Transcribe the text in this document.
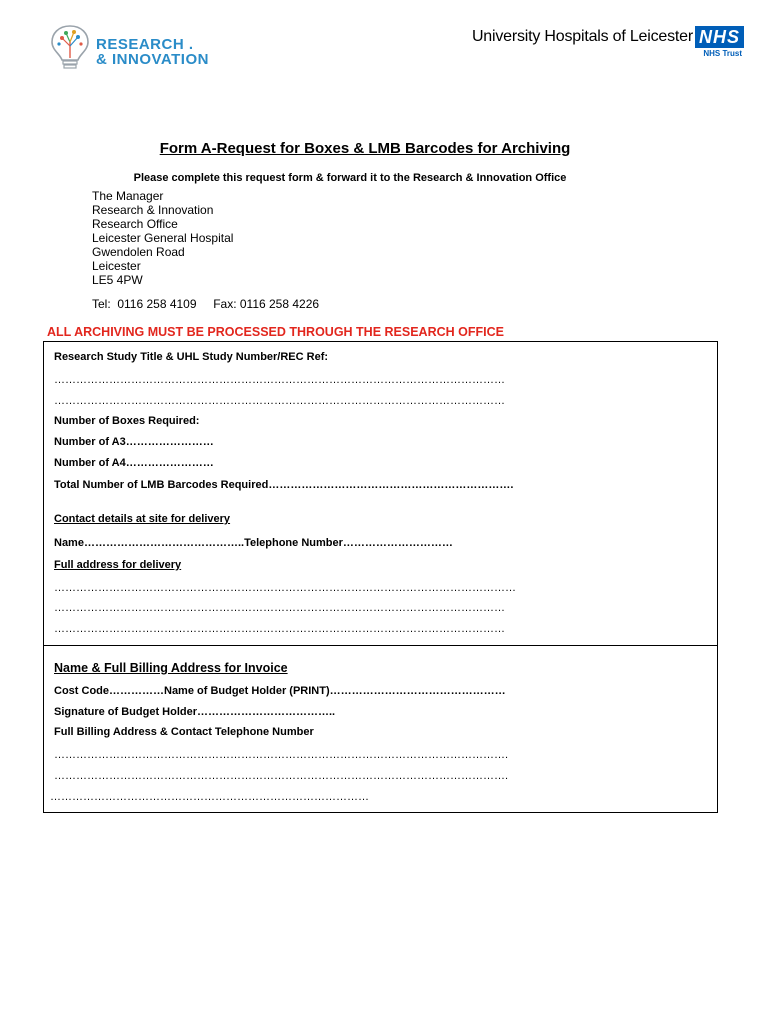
RESEARCH .
& INNOVATION
University Hospitals of Leicester NHS
NHS Trust
Form A-Request for Boxes & LMB Barcodes for Archiving
Please complete this request form & forward it to the Research & Innovation Office
The Manager
Research & Innovation
Research Office
Leicester General Hospital
Gwendolen Road
Leicester
LE5 4PW
Tel:  0116 258 4109     Fax: 0116 258 4226
ALL ARCHIVING MUST BE PROCESSED THROUGH THE RESEARCH OFFICE
Research Study Title & UHL Study Number/REC Ref:
……………………………………………………………………………………………………………
……………………………………………………………………………………………………………
Number of Boxes Required:
Number of A3……………………
Number of A4……………………
Total Number of LMB Barcodes Required………………………………………………………….
Contact details at site for delivery
Name……………………………………..Telephone Number…………………………
Full address for delivery
………………………………………………………………………………………………………………
……………………………………………………………………………………………………………
……………………………………………………………………………………………………………
Name & Full Billing Address for Invoice
Cost Code……………Name of Budget Holder (PRINT)…………………………………………
Signature of Budget Holder………………………………..
Full Billing Address & Contact Telephone Number
…………………………………………………………………………………………………………….
…………………………………………………………………………………………………………….
……………………………………………………………………………
